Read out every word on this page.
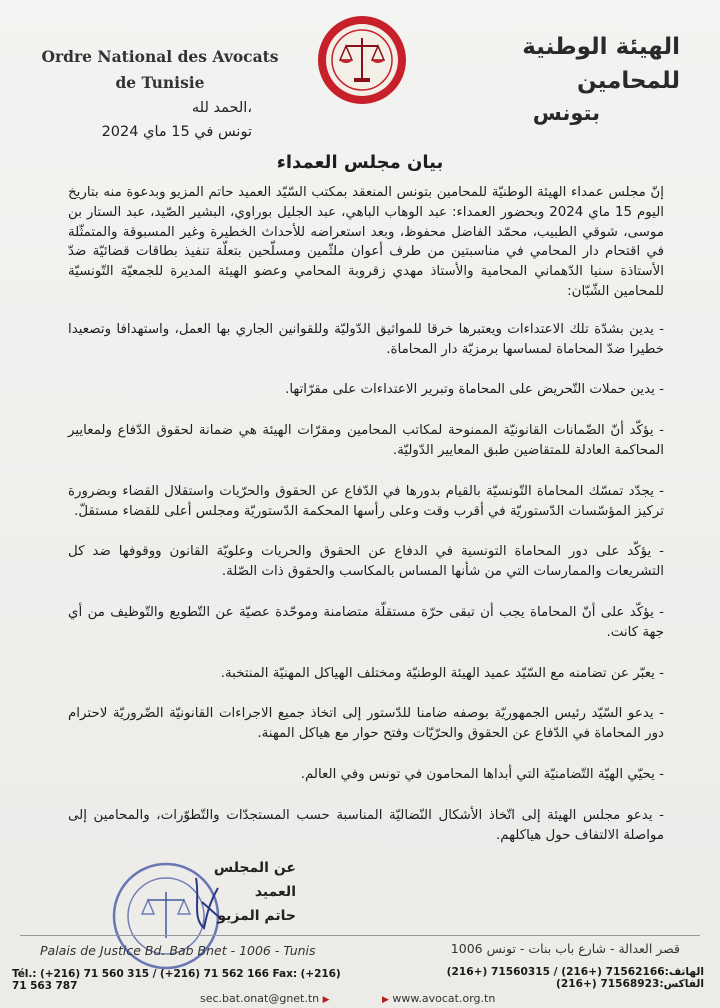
Ordre National des Avocats
de Tunisie
الهيئة الوطنية للمحامين
بتونس
الحمد لله،
تونس في 15 ماي 2024
بيان مجلس العمداء

إنّ مجلس عمداء الهيئة الوطنيّة للمحامين بتونس المنعقد بمكتب السّيّد العميد حاتم المزيو وبدعوة منه بتاريخ اليوم 15 ماي 2024 وبحضور العمداء: عبد الوهاب الباهي، عبد الجليل بوراوي، البشير الصّيد، عبد الستار بن موسى، شوقي الطبيب، محمّد الفاضل محفوظ، وبعد استعراضه للأحداث الخطيرة وغير المسبوقة والمتمثّلة في اقتحام دار المحامي في مناسبتين من طرف أعوان ملثّمين ومسلّحين بتعلّة تنفيذ بطاقات قضائيّة ضدّ الأستاذة سنيا الدّهماني المحامية والأستاذ مهدي زقروبة المحامي وعضو الهيئة المديرة للجمعيّة التّونسيّة للمحامين الشّبّان:

- يدين بشدّة تلك الاعتداءات ويعتبرها خرقا للمواثيق الدّوليّة وللقوانين الجاري بها العمل، واستهدافا وتصعيدا خطيرا ضدّ المحاماة لمساسها برمزيّة دار المحاماة.

- يدين حملات التّحريض على المحاماة وتبرير الاعتداءات على مقرّاتها.

- يؤكّد أنّ الضّمانات القانونيّة الممنوحة لمكاتب المحامين ومقرّات الهيئة هي ضمانة لحقوق الدّفاع ولمعايير المحاكمة العادلة للمتقاضين طبق المعايير الدّوليّة.

- يجدّد تمسّك المحاماة التّونسيّة بالقيام بدورها في الدّفاع عن الحقوق والحرّيات واستقلال القضاء وبضرورة تركيز المؤسّسات الدّستوريّة في أقرب وقت وعلى رأسها المحكمة الدّستوريّة ومجلس أعلى للقضاء مستقلّ.

- يؤكّد على دور المحاماة التونسية في الدفاع عن الحقوق والحريات وعلويّة القانون ووقوفها ضد كل التشريعات والممارسات التي من شأنها المساس بالمكاسب والحقوق ذات الصّلة.

- يؤكّد على أنّ المحاماة يجب أن تبقى حرّة مستقلّة متضامنة وموحّدة عصيّة عن التّطويع والتّوظيف من أي جهة كانت.

- يعبّر عن تضامنه مع السّيّد عميد الهيئة الوطنيّة ومختلف الهياكل المهنيّة المنتخبة.

- يدعو السّيّد رئيس الجمهوريّة بوصفه ضامنا للدّستور إلى اتخاذ جميع الاجراءات القانونيّة الضّروريّة لاحترام دور المحاماة في الدّفاع عن الحقوق والحرّيّات وفتح حوار مع هياكل المهنة.

- يحيّي الهيّة التّضامنيّة التي أبداها المحامون في تونس وفي العالم.

- يدعو مجلس الهيئة إلى اتّخاذ الأشكال النّضاليّة المناسبة حسب المستجدّات والتّطوّرات، والمحامين إلى مواصلة الالتفاف حول هياكلهم.

عن المجلس
العميد
حاتم المزيو
Palais de Justice Bd. Bab Bnet - 1006 - Tunis	قصر العدالة - شارع باب بنات - تونس 1006
Tél.: (+216) 71 560 315 / (+216) 71 562 166 Fax: (+216) 71 563 787
الهاتف:71562166 (+216) / 71560315 (+216) الفاكس:71568923 (+216)
sec.bat.onat@gnet.tn ▶	▶ www.avocat.org.tn
